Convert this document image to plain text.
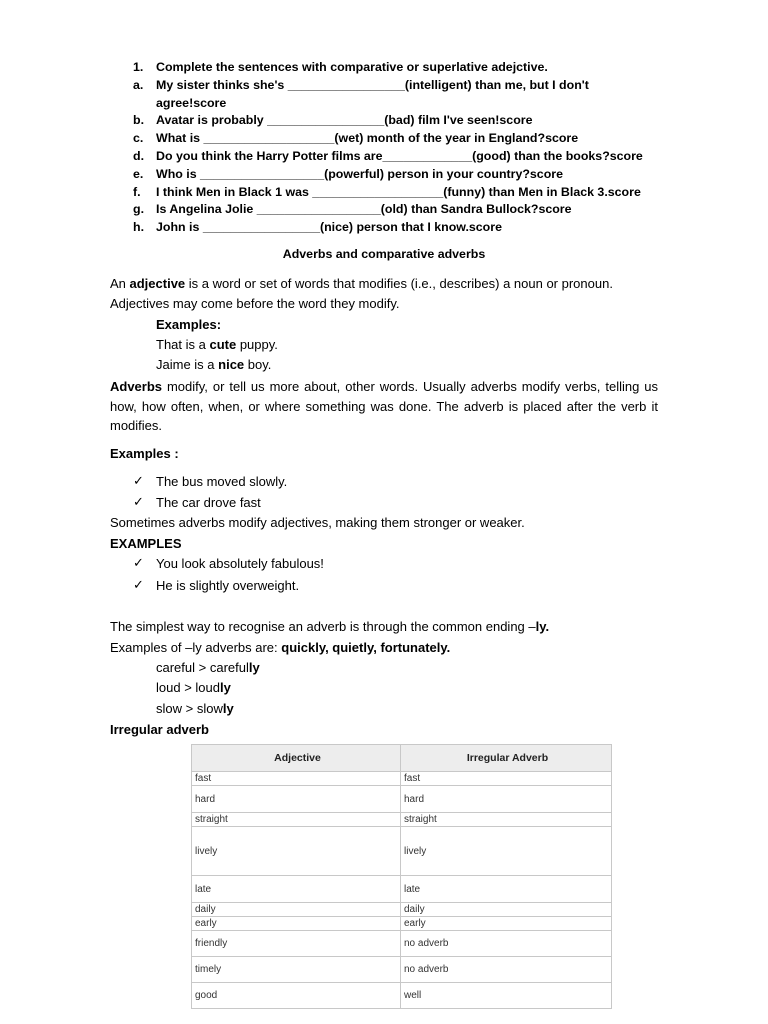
1. Complete the sentences with comparative or superlative adejctive.
a. My sister thinks she's _________________(intelligent) than me, but I don't agree!score
b. Avatar is probably _________________(bad) film I've seen!score
c. What is ___________________(wet) month of the year in England?score
d. Do you think the Harry Potter films are_____________(good) than the books?score
e. Who is __________________(powerful) person in your country?score
f. I think Men in Black 1 was ___________________(funny) than Men in Black 3.score
g. Is Angelina Jolie __________________(old) than Sandra Bullock?score
h. John is _________________(nice) person that I know.score
Adverbs and comparative adverbs
An adjective is a word or set of words that modifies (i.e., describes) a noun or pronoun. Adjectives may come before the word they modify.
Examples:
That is a cute puppy.
Jaime is a nice boy.
Adverbs modify, or tell us more about, other words. Usually adverbs modify verbs, telling us how, how often, when, or where something was done. The adverb is placed after the verb it modifies.
Examples :
✓ The bus moved slowly.
✓ The car drove fast
Sometimes adverbs modify adjectives, making them stronger or weaker.
EXAMPLES
✓ You look absolutely fabulous!
✓ He is slightly overweight.
The simplest way to recognise an adverb is through the common ending –ly.
Examples of –ly adverbs are: quickly, quietly, fortunately.
careful > carefully
loud > loudly
slow > slowly
Irregular adverb
Adjective	Irregular Adverb
fast	fast
hard	hard
straight	straight
lively	lively
late	late
daily	daily
early	early
friendly	no adverb
timely	no adverb
good	well
